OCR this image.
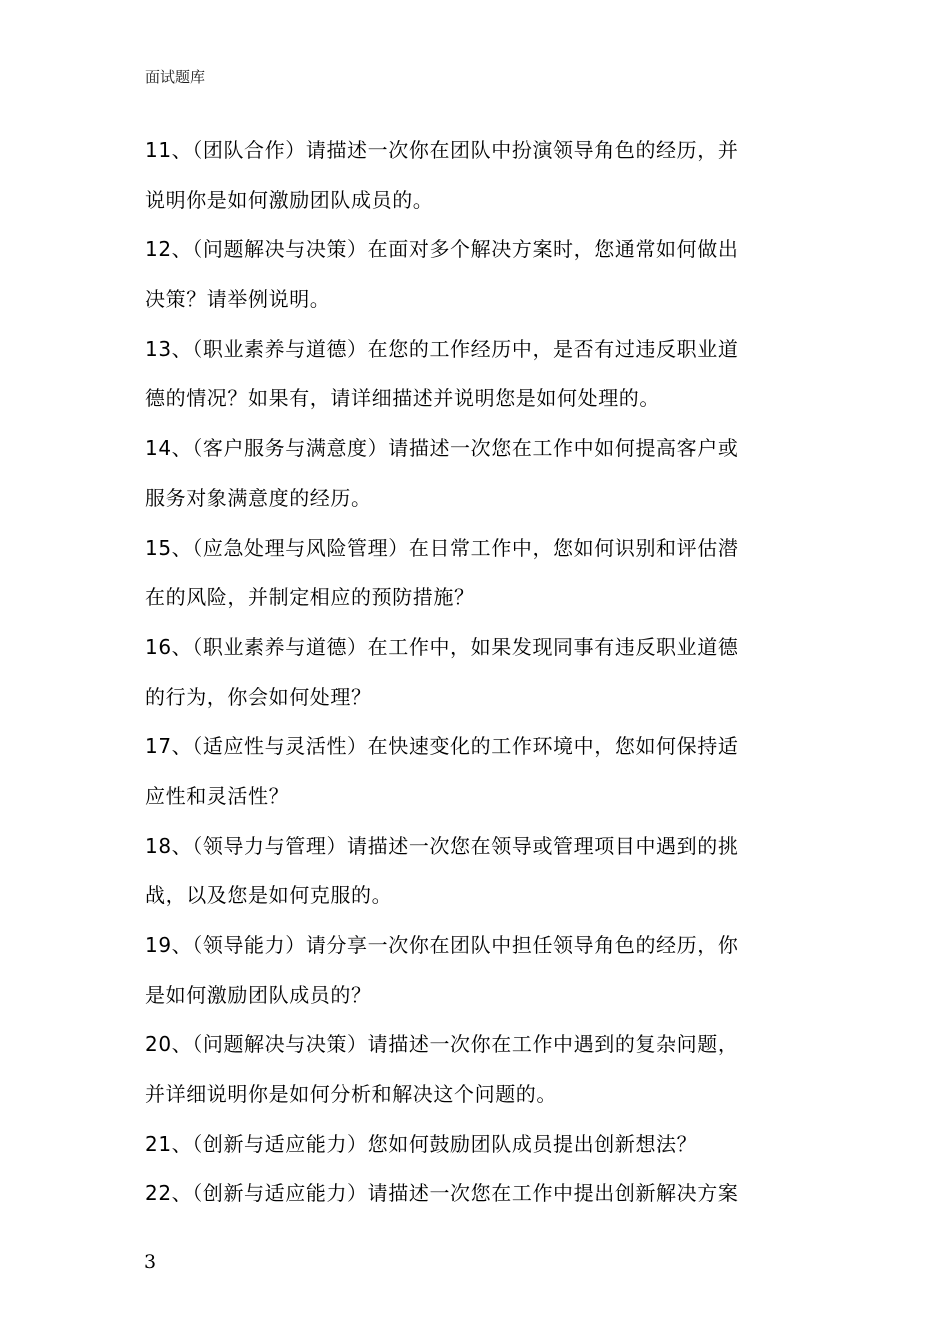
面试题库
11、（团队合作）请描述一次你在团队中扮演领导角色的经历，并
说明你是如何激励团队成员的。
12、（问题解决与决策）在面对多个解决方案时，您通常如何做出
决策？请举例说明。
13、（职业素养与道德）在您的工作经历中，是否有过违反职业道
德的情况？如果有，请详细描述并说明您是如何处理的。
14、（客户服务与满意度）请描述一次您在工作中如何提高客户或
服务对象满意度的经历。
15、（应急处理与风险管理）在日常工作中，您如何识别和评估潜
在的风险，并制定相应的预防措施？
16、（职业素养与道德）在工作中，如果发现同事有违反职业道德
的行为，你会如何处理？
17、（适应性与灵活性）在快速变化的工作环境中，您如何保持适
应性和灵活性？
18、（领导力与管理）请描述一次您在领导或管理项目中遇到的挑
战，以及您是如何克服的。
19、（领导能力）请分享一次你在团队中担任领导角色的经历，你
是如何激励团队成员的？
20、（问题解决与决策）请描述一次你在工作中遇到的复杂问题，
并详细说明你是如何分析和解决这个问题的。
21、（创新与适应能力）您如何鼓励团队成员提出创新想法？
22、（创新与适应能力）请描述一次您在工作中提出创新解决方案
3
